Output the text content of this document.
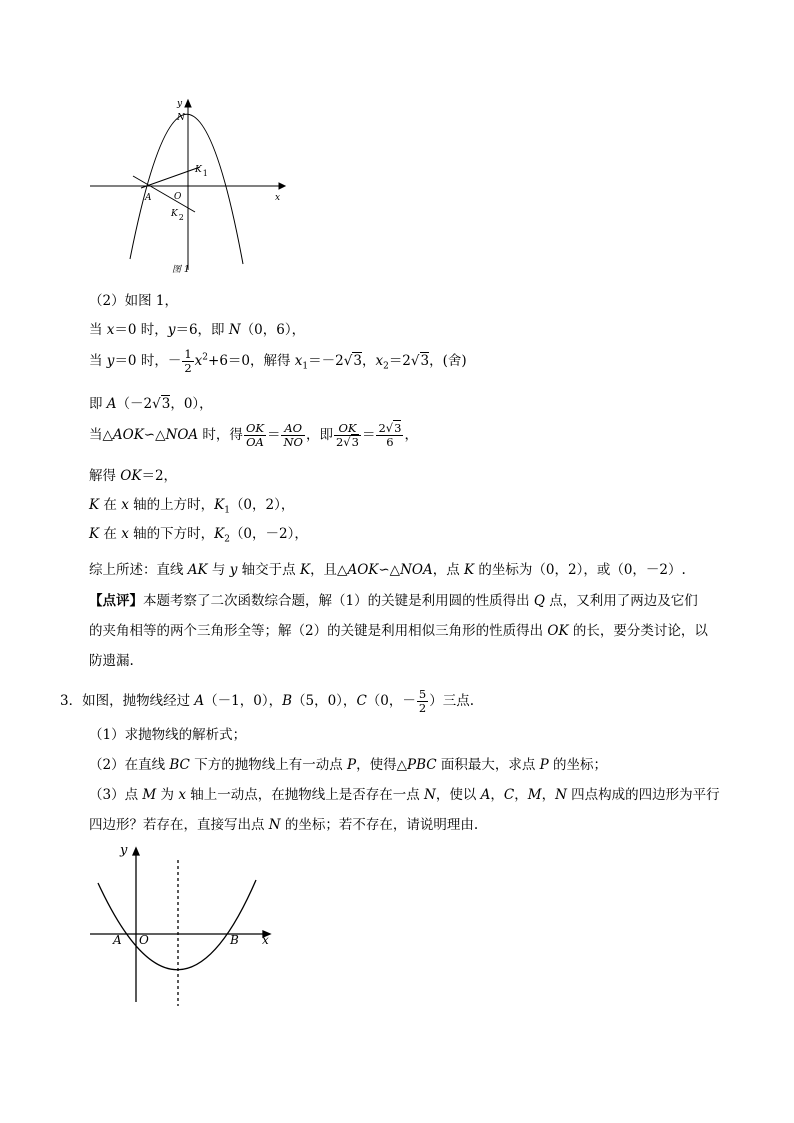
y
N
K1
O
A
K2
x
图 1
（2）如图 1，
当 x＝0 时，y＝6，即 N（0，6），
当 y＝0 时，－ $\frac{1}{2} x^2+6=0$，解得 $x_1=-2√3$，$x_2=2√3$，(舍)
即 A（－2√3，0），
当△AOK∽△NOA 时，得 $\frac{OK}{OA} = \frac{AO}{NO}$ ，即 $\frac{OK}{2√3} = \frac{2√3}{6}$ ，
解得 OK＝2，
K 在 x 轴的上方时，$K_1(0$，2），
K 在 x 轴的下方时，$K_2(0$，－2），
综上所述：直线 AK 与 y 轴交于点 K，且△AOK∽△NOA，点 K 的坐标为（0，2），或（0，－2）.
【点评】本题考察了二次函数综合题，解（1）的关键是利用圆的性质得出 Q 点，又利用了两边及它们
的夹角相等的两个三角形全等；解（2）的关键是利用相似三角形的性质得出 OK 的长，要分类讨论，以
防遗漏.
3．如图，抛物线经过 A（－1，0），B（5，0），C（0，－ $\frac{5}{2}$ ）三点.
（1）求抛物线的解析式；
（2）在直线 BC 下方的抛物线上有一动点 P，使得△PBC 面积最大，求点 P 的坐标；
（3）点 M 为 x 轴上一动点，在抛物线上是否存在一点 N，使以 A，C，M，N 四点构成的四边形为平行
四边形？若存在，直接写出点 N 的坐标；若不存在，请说明理由.
y
A O	B x
